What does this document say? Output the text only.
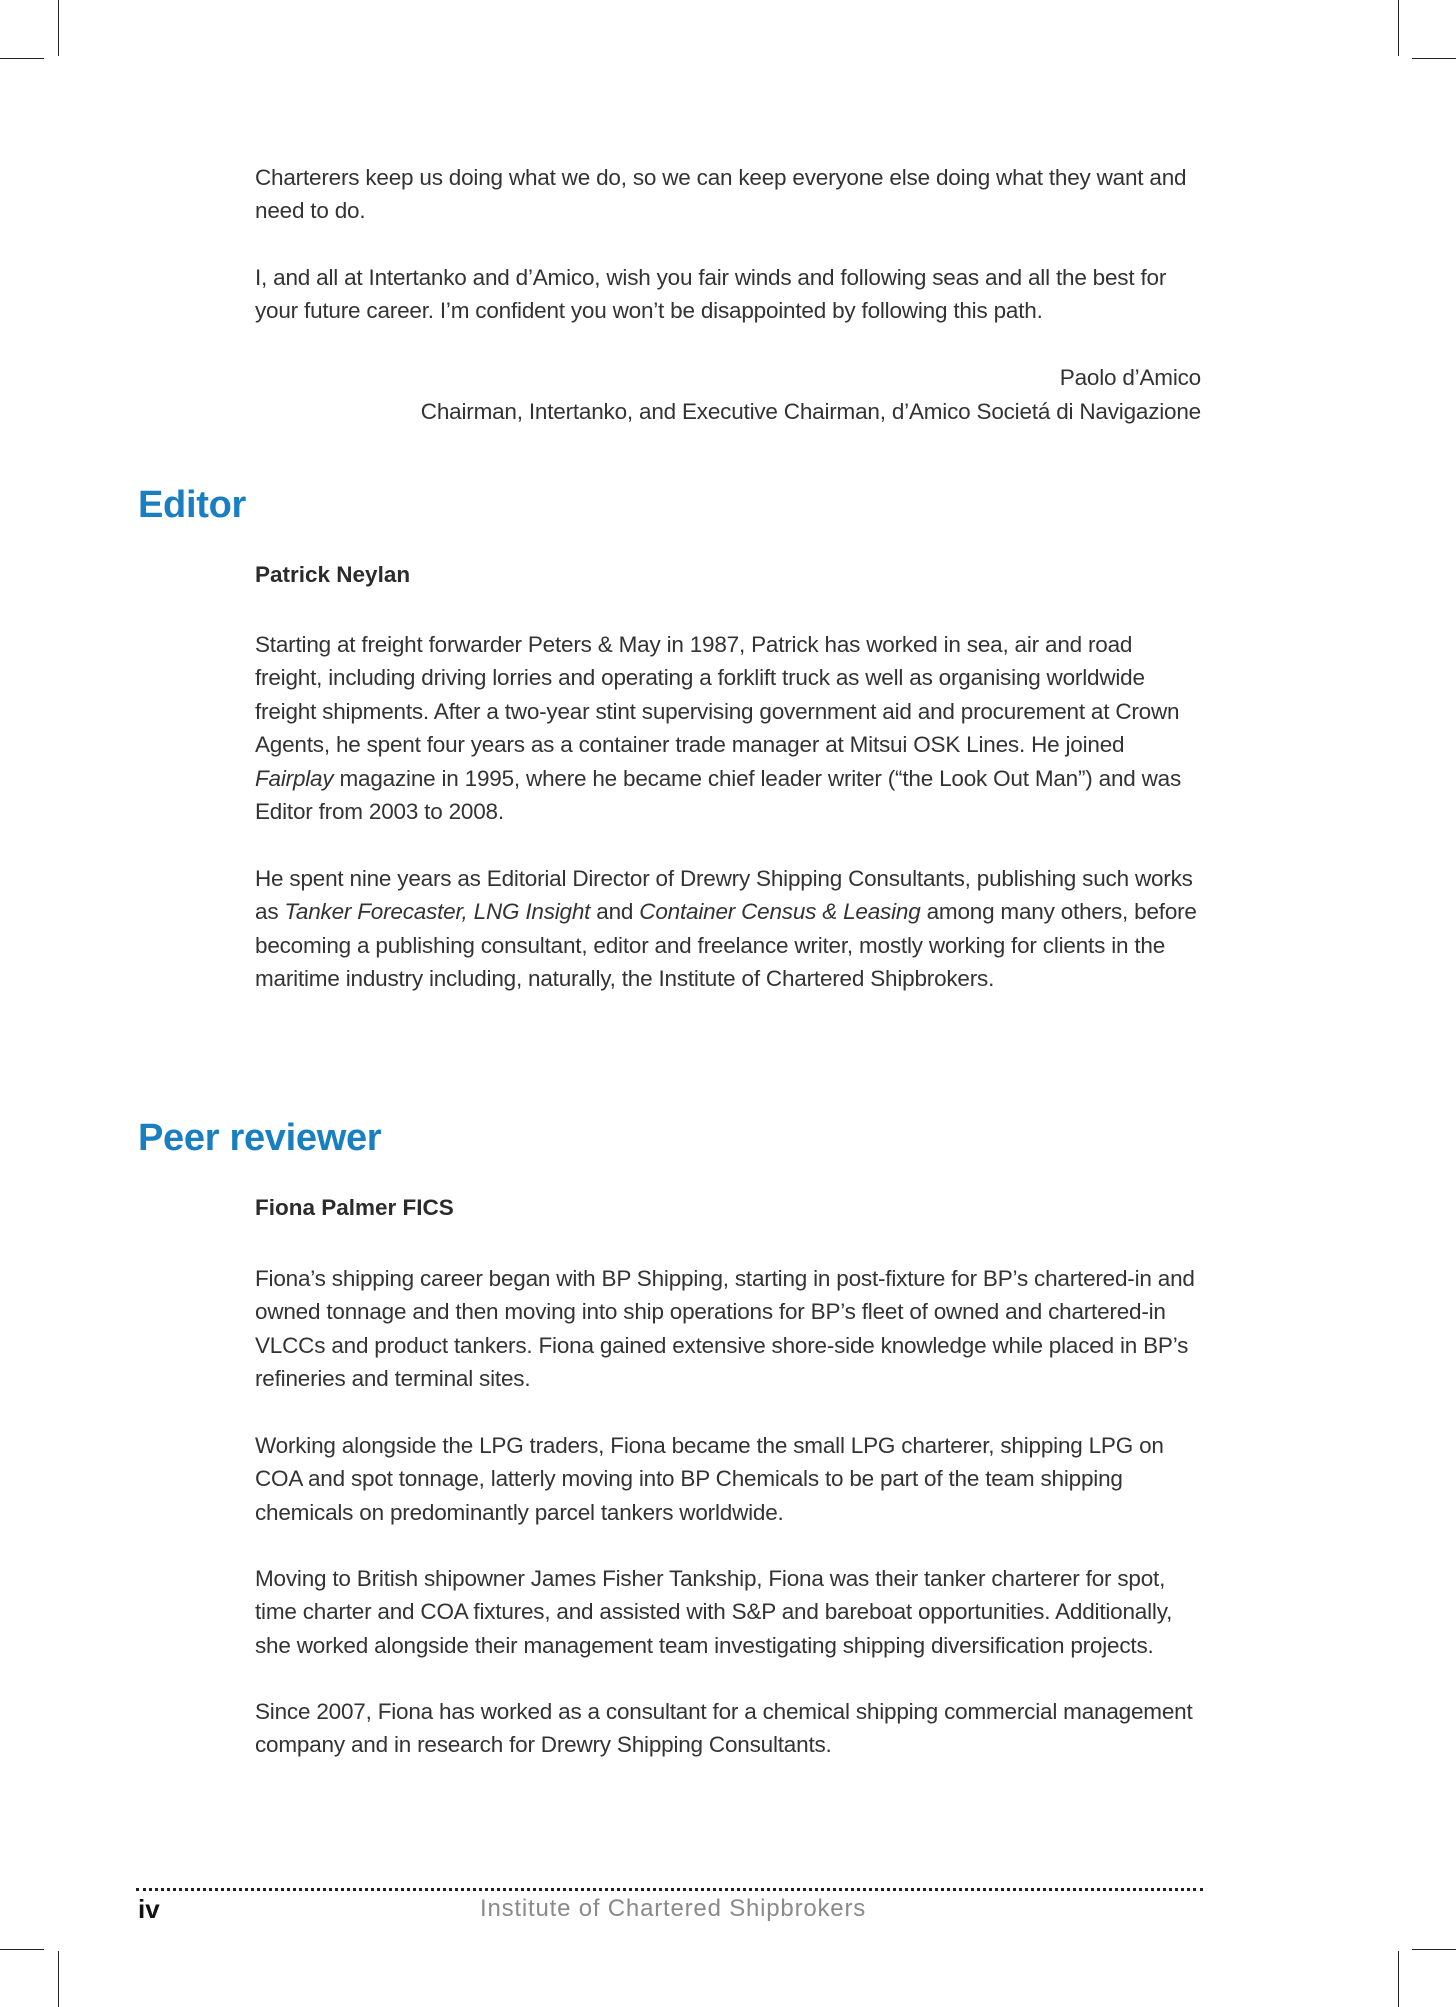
Charterers keep us doing what we do, so we can keep everyone else doing what they want and need to do.

I, and all at Intertanko and d’Amico, wish you fair winds and following seas and all the best for your future career. I’m confident you won’t be disappointed by following this path.

Paolo d’Amico

Chairman, Intertanko, and Executive Chairman, d’Amico Societá di Navigazione

Editor

Patrick Neylan

Starting at freight forwarder Peters & May in 1987, Patrick has worked in sea, air and road freight, including driving lorries and operating a forklift truck as well as organising worldwide freight shipments. After a two-year stint supervising government aid and procurement at Crown Agents, he spent four years as a container trade manager at Mitsui OSK Lines. He joined Fairplay magazine in 1995, where he became chief leader writer (“the Look Out Man”) and was Editor from 2003 to 2008.

He spent nine years as Editorial Director of Drewry Shipping Consultants, publishing such works as Tanker Forecaster, LNG Insight and Container Census & Leasing among many others, before becoming a publishing consultant, editor and freelance writer, mostly working for clients in the maritime industry including, naturally, the Institute of Chartered Shipbrokers.

Peer reviewer

Fiona Palmer FICS

Fiona’s shipping career began with BP Shipping, starting in post-fixture for BP’s chartered-in and owned tonnage and then moving into ship operations for BP’s fleet of owned and chartered-in VLCCs and product tankers. Fiona gained extensive shore-side knowledge while placed in BP’s refineries and terminal sites.

Working alongside the LPG traders, Fiona became the small LPG charterer, shipping LPG on COA and spot tonnage, latterly moving into BP Chemicals to be part of the team shipping chemicals on predominantly parcel tankers worldwide.

Moving to British shipowner James Fisher Tankship, Fiona was their tanker charterer for spot, time charter and COA fixtures, and assisted with S&P and bareboat opportunities. Additionally, she worked alongside their management team investigating shipping diversification projects.

Since 2007, Fiona has worked as a consultant for a chemical shipping commercial management company and in research for Drewry Shipping Consultants.

iv	Institute of Chartered Shipbrokers
